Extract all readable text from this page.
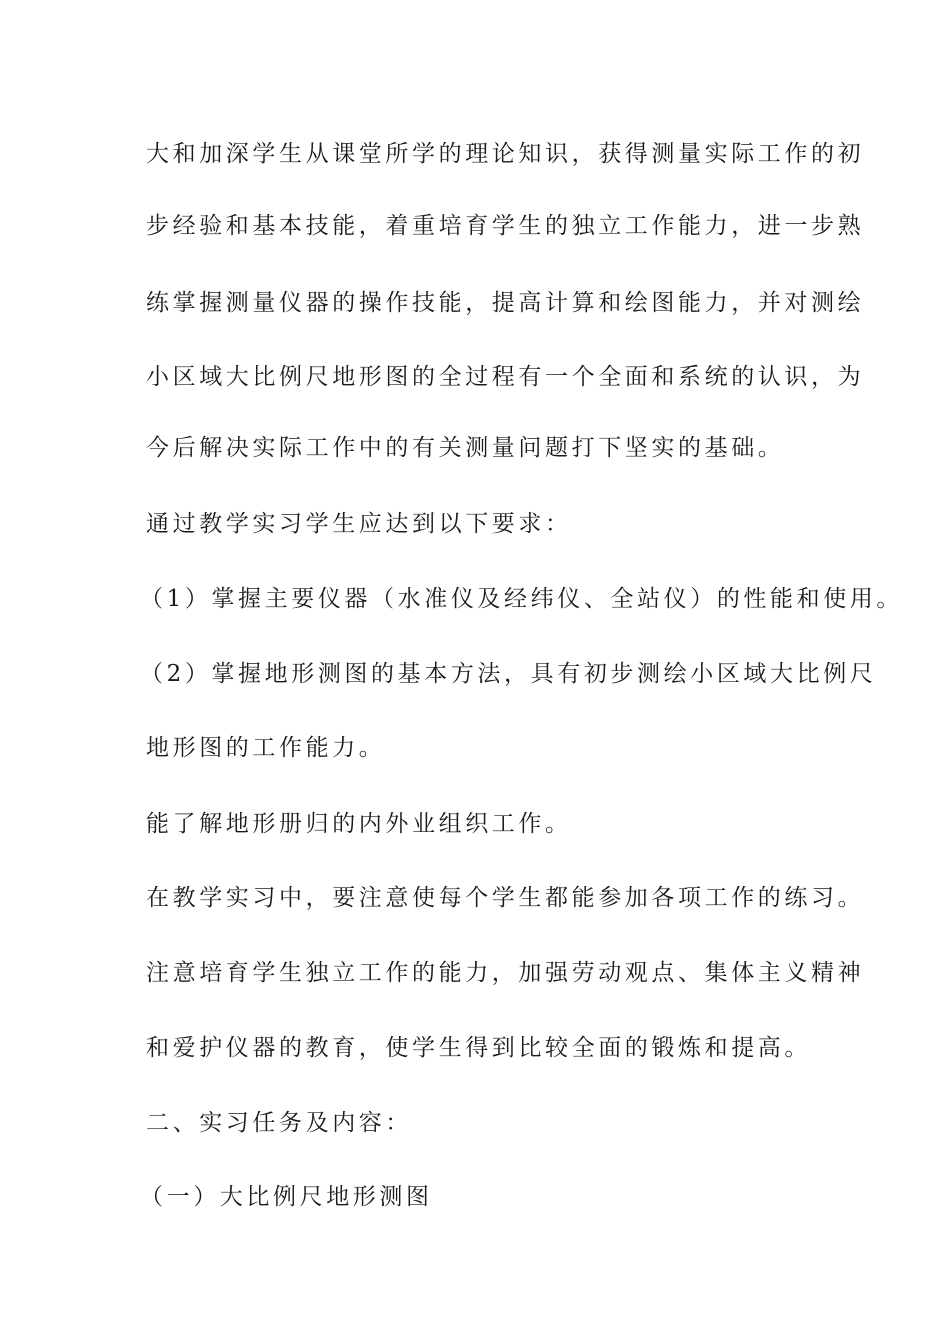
大和加深学生从课堂所学的理论知识，获得测量实际工作的初
步经验和基本技能，着重培育学生的独立工作能力，进一步熟
练掌握测量仪器的操作技能，提高计算和绘图能力，并对测绘
小区域大比例尺地形图的全过程有一个全面和系统的认识，为
今后解决实际工作中的有关测量问题打下坚实的基础。
通过教学实习学生应达到以下要求：
（1）掌握主要仪器（水准仪及经纬仪、全站仪）的性能和使用。
（2）掌握地形测图的基本方法，具有初步测绘小区域大比例尺
地形图的工作能力。
能了解地形册归的内外业组织工作。
在教学实习中，要注意使每个学生都能参加各项工作的练习。
注意培育学生独立工作的能力，加强劳动观点、集体主义精神
和爱护仪器的教育，使学生得到比较全面的锻炼和提高。
二、实习任务及内容：
（一）大比例尺地形测图
